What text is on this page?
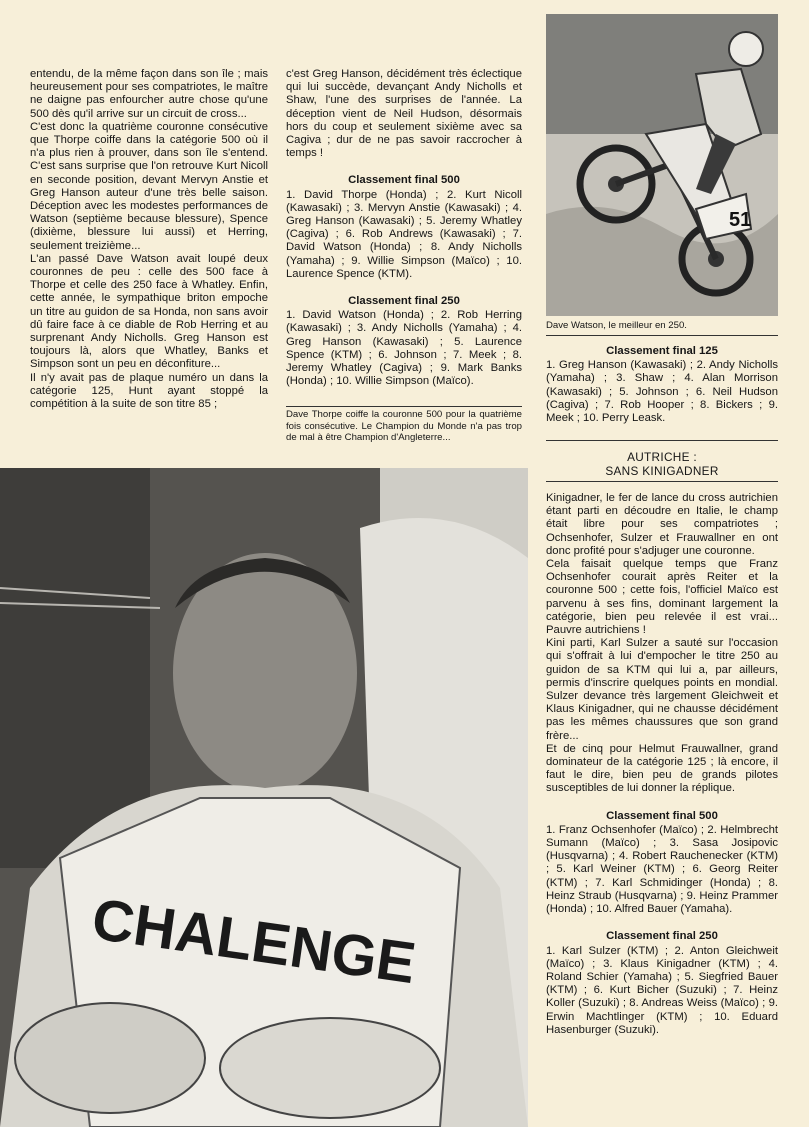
51
Dave Watson, le meilleur en 250.
CHALENGE

entendu, de la même façon dans son île ; mais heureusement pour ses compatriotes, le maître ne daigne pas enfourcher autre chose qu'une 500 dès qu'il arrive sur un circuit de cross...

C'est donc la quatrième couronne consécutive que Thorpe coiffe dans la catégorie 500 où il n'a plus rien à prouver, dans son île s'entend. C'est sans surprise que l'on retrouve Kurt Nicoll en seconde position, devant Mervyn Anstie et Greg Hanson auteur d'une très belle saison. Déception avec les modestes performances de Watson (septième because blessure), Spence (dixième, blessure lui aussi) et Herring, seulement treizième...

L'an passé Dave Watson avait loupé deux couronnes de peu : celle des 500 face à Thorpe et celle des 250 face à Whatley. Enfin, cette année, le sympathique briton empoche un titre au guidon de sa Honda, non sans avoir dû faire face à ce diable de Rob Herring et au surprenant Andy Nicholls. Greg Hanson est toujours là, alors que Whatley, Banks et Simpson sont un peu en déconfiture...

Il n'y avait pas de plaque numéro un dans la catégorie 125, Hunt ayant stoppé la compétition à la suite de son titre 85 ;

c'est Greg Hanson, décidément très éclectique qui lui succède, devançant Andy Nicholls et Shaw, l'une des surprises de l'année. La déception vient de Neil Hudson, désormais hors du coup et seulement sixième avec sa Cagiva ; dur de ne pas savoir raccrocher à temps !

Classement final 500

1. David Thorpe (Honda) ; 2. Kurt Nicoll (Kawasaki) ; 3. Mervyn Anstie (Kawasaki) ; 4. Greg Hanson (Kawasaki) ; 5. Jeremy Whatley (Cagiva) ; 6. Rob Andrews (Kawasaki) ; 7. David Watson (Honda) ; 8. Andy Nicholls (Yamaha) ; 9. Willie Simpson (Maïco) ; 10. Laurence Spence (KTM).

Classement final 250

1. David Watson (Honda) ; 2. Rob Herring (Kawasaki) ; 3. Andy Nicholls (Yamaha) ; 4. Greg Hanson (Kawasaki) ; 5. Laurence Spence (KTM) ; 6. Johnson ; 7. Meek ; 8. Jeremy Whatley (Cagiva) ; 9. Mark Banks (Honda) ; 10. Willie Simpson (Maïco).

Dave Thorpe coiffe la couronne 500 pour la quatrième fois consécutive. Le Champion du Monde n'a pas trop de mal à être Champion d'Angleterre...
Classement final 125

1. Greg Hanson (Kawasaki) ; 2. Andy Nicholls (Yamaha) ; 3. Shaw ; 4. Alan Morrison (Kawasaki) ; 5. Johnson ; 6. Neil Hudson (Cagiva) ; 7. Rob Hooper ; 8. Bickers ; 9. Meek ; 10. Perry Leask.

AUTRICHE :
SANS KINIGADNER

Kinigadner, le fer de lance du cross autrichien étant parti en découdre en Italie, le champ était libre pour ses compatriotes ; Ochsenhofer, Sulzer et Frauwallner en ont donc profité pour s'adjuger une couronne.

Cela faisait quelque temps que Franz Ochsenhofer courait après Reiter et la couronne 500 ; cette fois, l'officiel Maïco est parvenu à ses fins, dominant largement la catégorie, bien peu relevée il est vrai... Pauvre autrichiens !

Kini parti, Karl Sulzer a sauté sur l'occasion qui s'offrait à lui d'empocher le titre 250 au guidon de sa KTM qui lui a, par ailleurs, permis d'inscrire quelques points en mondial. Sulzer devance très largement Gleichweit et Klaus Kinigadner, qui ne chausse décidément pas les mêmes chaussures que son grand frère...

Et de cinq pour Helmut Frauwallner, grand dominateur de la catégorie 125 ; là encore, il faut le dire, bien peu de grands pilotes susceptibles de lui donner la réplique.

Classement final 500

1. Franz Ochsenhofer (Maïco) ; 2. Helmbrecht Sumann (Maïco) ; 3. Sasa Josipovic (Husqvarna) ; 4. Robert Rauchenecker (KTM) ; 5. Karl Weiner (KTM) ; 6. Georg Reiter (KTM) ; 7. Karl Schmidinger (Honda) ; 8. Heinz Straub (Husqvarna) ; 9. Heinz Prammer (Honda) ; 10. Alfred Bauer (Yamaha).

Classement final 250

1. Karl Sulzer (KTM) ; 2. Anton Gleichweit (Maïco) ; 3. Klaus Kinigadner (KTM) ; 4. Roland Schier (Yamaha) ; 5. Siegfried Bauer (KTM) ; 6. Kurt Bicher (Suzuki) ; 7. Heinz Koller (Suzuki) ; 8. Andreas Weiss (Maïco) ; 9. Erwin Machtlinger (KTM) ; 10. Eduard Hasenburger (Suzuki).
